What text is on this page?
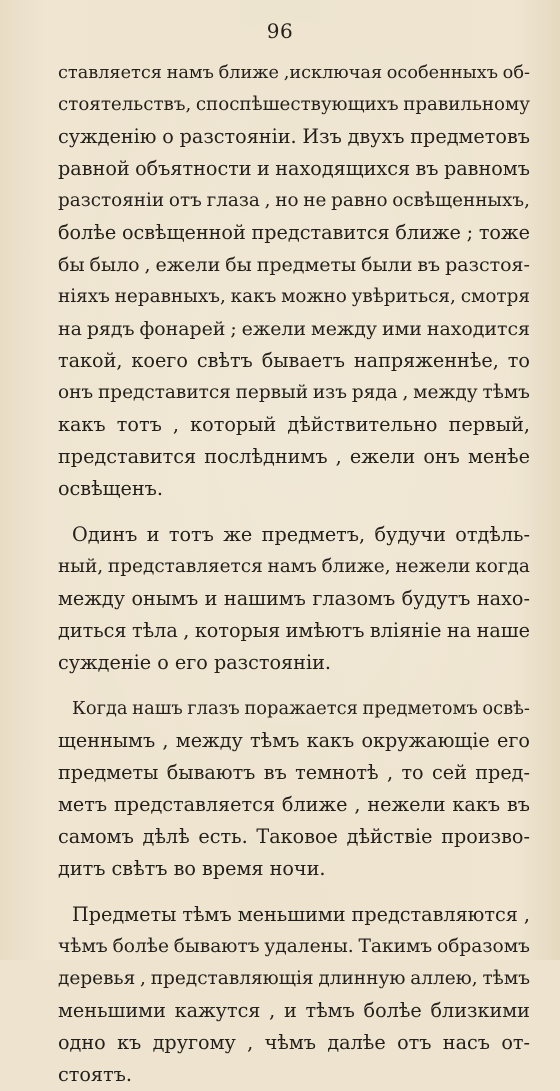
96
ставляется намъ ближе ,исключая особенныхъ об-
стоятельствъ, споспѣшествующихъ правильному
сужденію о разстояніи. Изъ двухъ предметовъ
равной объятности и находящихся въ равномъ
разстояніи отъ глаза , но не равно освѣщенныхъ,
болѣе освѣщенной представится ближе ; тоже
бы было , ежели бы предметы были въ разстоя-
ніяхъ неравныхъ, какъ можно увѣриться, смотря
на рядъ фонарей ; ежели между ими находится
такой, коего свѣтъ бываетъ напряженнѣе, то
онъ представится первый изъ ряда , между тѣмъ
какъ тотъ , который дѣйствительно первый,
представится послѣднимъ , ежели онъ менѣе
освѣщенъ.
Одинъ и тотъ же предметъ, будучи отдѣль-
ный, представляется намъ ближе, нежели когда
между онымъ и нашимъ глазомъ будутъ нахо-
диться тѣла , которыя имѣютъ вліяніе на наше
сужденіе о его разстояніи.
Когда нашъ глазъ поражается предметомъ освѣ-
щеннымъ , между тѣмъ какъ окружающіе его
предметы бываютъ въ темнотѣ , то сей пред-
метъ представляется ближе , нежели какъ въ
самомъ дѣлѣ есть. Таковое дѣйствіе произво-
дитъ свѣтъ во время ночи.
Предметы тѣмъ меньшими представляются ,
чѣмъ болѣе бываютъ удалены. Такимъ образомъ
деревья , представляющія длинную аллею, тѣмъ
меньшими кажутся , и тѣмъ болѣе близкими
одно къ другому , чѣмъ далѣе отъ насъ от-
стоятъ.
